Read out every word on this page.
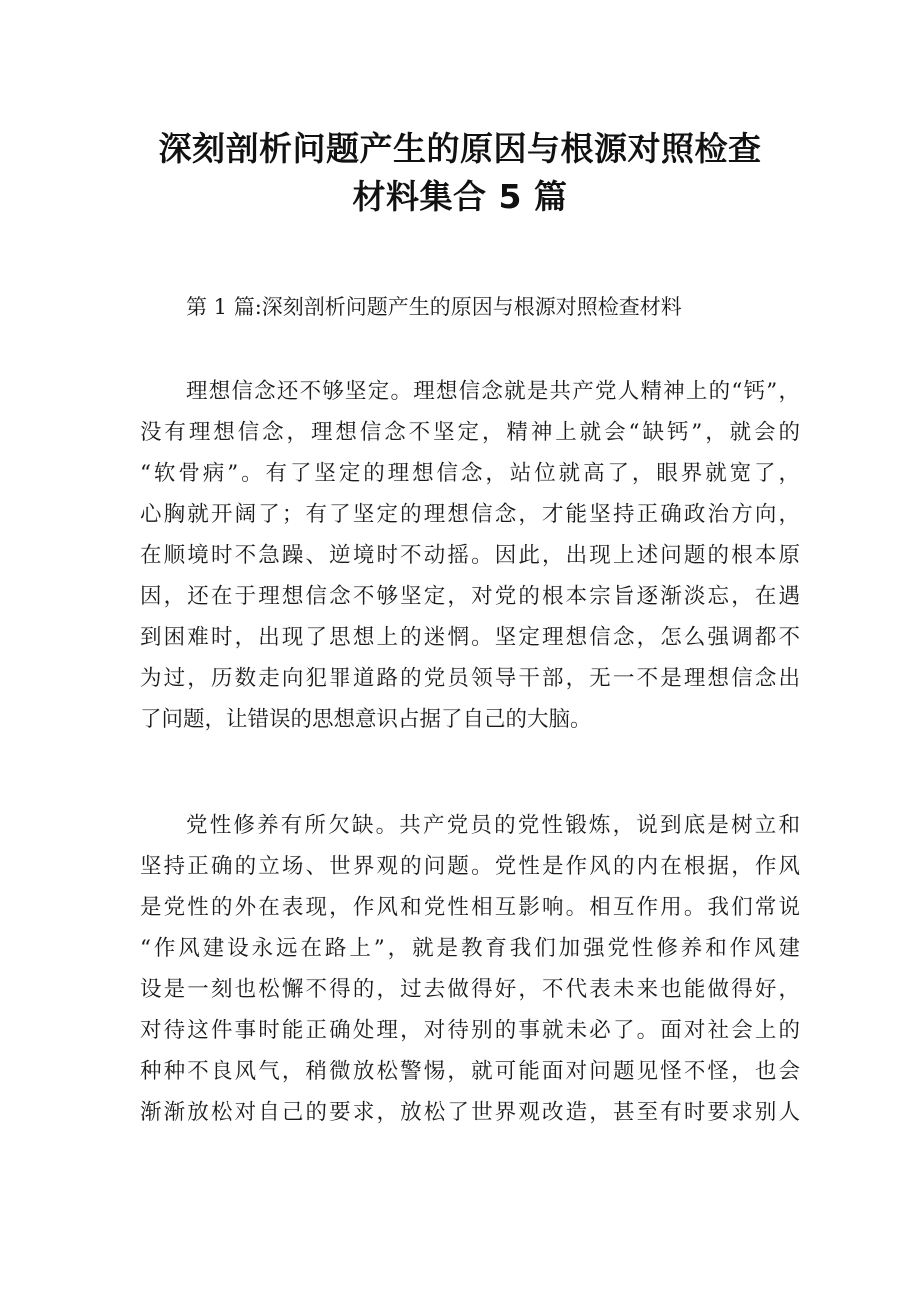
深刻剖析问题产生的原因与根源对照检查
材料集合 5 篇
第 1 篇:深刻剖析问题产生的原因与根源对照检查材料
理想信念还不够坚定。理想信念就是共产党人精神上的“钙”，
没有理想信念，理想信念不坚定，精神上就会“缺钙”，就会的
“软骨病”。有了坚定的理想信念，站位就高了，眼界就宽了，
心胸就开阔了；有了坚定的理想信念，才能坚持正确政治方向，
在顺境时不急躁、逆境时不动摇。因此，出现上述问题的根本原
因，还在于理想信念不够坚定，对党的根本宗旨逐渐淡忘，在遇
到困难时，出现了思想上的迷惘。坚定理想信念，怎么强调都不
为过，历数走向犯罪道路的党员领导干部，无一不是理想信念出
了问题，让错误的思想意识占据了自己的大脑。
党性修养有所欠缺。共产党员的党性锻炼，说到底是树立和
坚持正确的立场、世界观的问题。党性是作风的内在根据，作风
是党性的外在表现，作风和党性相互影响。相互作用。我们常说
“作风建设永远在路上”，就是教育我们加强党性修养和作风建
设是一刻也松懈不得的，过去做得好，不代表未来也能做得好，
对待这件事时能正确处理，对待别的事就未必了。面对社会上的
种种不良风气，稍微放松警惕，就可能面对问题见怪不怪，也会
渐渐放松对自己的要求，放松了世界观改造，甚至有时要求别人
